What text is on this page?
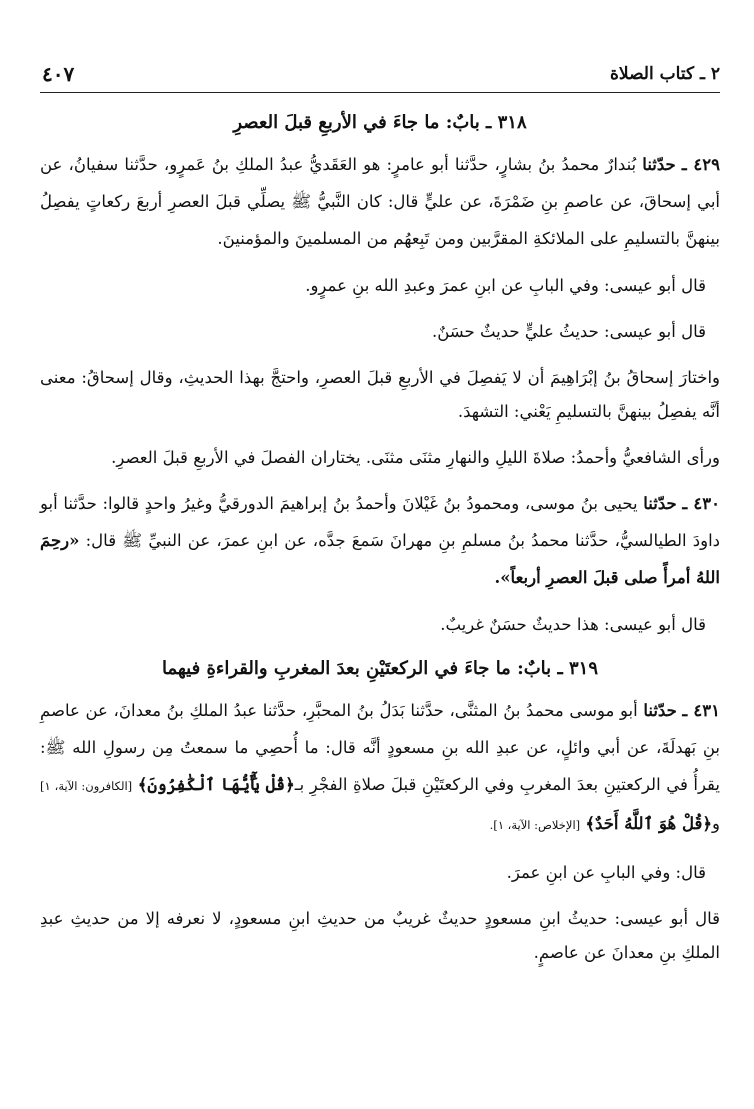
٢ ـ كتاب الصلاة
٤٠٧
٣١٨ ـ بابٌ: ما جاءَ في الأربعِ قبلَ العصرِ

٤٢٩ ـ حدّثنا بُندارٌ محمدُ بنُ بشارٍ، حدَّثنا أبو عامرٍ: هو العَقَديُّ عبدُ الملكِ بنُ عَمرٍو، حدَّثنا سفيانُ، عن أبي إسحاقَ، عن عاصمِ بنِ ضَمْرَةَ، عن عليٍّ قال: كان النَّبيُّ ﷺ يصلِّي قبلَ العصرِ أربعَ ركعاتٍ يفصِلُ بينهنَّ بالتسليمِ على الملائكةِ المقرَّبين ومن تَبِعهُم من المسلمينَ والمؤمنينَ.

قال أبو عيسى: وفي البابِ عن ابنِ عمرَ وعبدِ الله بنِ عمرٍو.

قال أبو عيسى: حديثُ عليٍّ حديثٌ حسَنٌ.

واختارَ إسحاقُ بنُ إبْرَاهِيمَ أن لا يَفصِلَ في الأربعِ قبلَ العصرِ، واحتجَّ بهذا الحديثِ، وقال إسحاقُ: معنى أنَّه يفصِلُ بينهنَّ بالتسليمِ يَعْني: التشهدَ.

ورأى الشافعيُّ وأحمدُ: صلاةَ الليلِ والنهارِ مثنَى مثنَى. يختاران الفصلَ في الأربعِ قبلَ العصرِ.

٤٣٠ ـ حدّثنا يحيى بنُ موسى، ومحمودُ بنُ غَيْلانَ وأحمدُ بنُ إبراهيمَ الدورقيُّ وغيرُ واحدٍ قالوا: حدَّثنا أبو داودَ الطيالسيُّ، حدَّثنا محمدُ بنُ مسلمِ بنِ مهرانَ سَمعَ جدَّه، عن ابنِ عمرَ، عن النبيِّ ﷺ قال: «رحِمَ اللهُ أمرأً صلى قبلَ العصرِ أربعاً».

قال أبو عيسى: هذا حديثٌ حسَنٌ غريبٌ.

٣١٩ ـ بابٌ: ما جاءَ في الركعتَيْنِ بعدَ المغربِ والقراءةِ فيهما

٤٣١ ـ حدّثنا أبو موسى محمدُ بنُ المثنَّى، حدَّثنا بَدَلُ بنُ المحبَّرِ، حدَّثنا عبدُ الملكِ بنُ معدانَ، عن عاصمِ بنِ بَهدلَةَ، عن أبي وائلٍ، عن عبدِ الله بنِ مسعودٍ أنَّه قال: ما أُحصِي ما سمعتُ مِن رسولِ الله ﷺ: يقرأُ في الركعتينِ بعدَ المغربِ وفي الركعتَيْنِ قبلَ صلاةِ الفجْرِ بـ﴿قُلْ يَٰٓأَيُّهَا ٱلْكَٰفِرُونَ﴾ [الكافرون: الآية، ١] و﴿قُلْ هُوَ ٱللَّهُ أَحَدٌ﴾ [الإخلاص: الآية، ١].

قال: وفي البابِ عن ابنِ عمرَ.

قال أبو عيسى: حديثُ ابنِ مسعودٍ حديثٌ غريبٌ من حديثِ ابنِ مسعودٍ، لا نعرفه إلا من حديثِ عبدِ الملكِ بنِ معدانَ عن عاصمٍ.
